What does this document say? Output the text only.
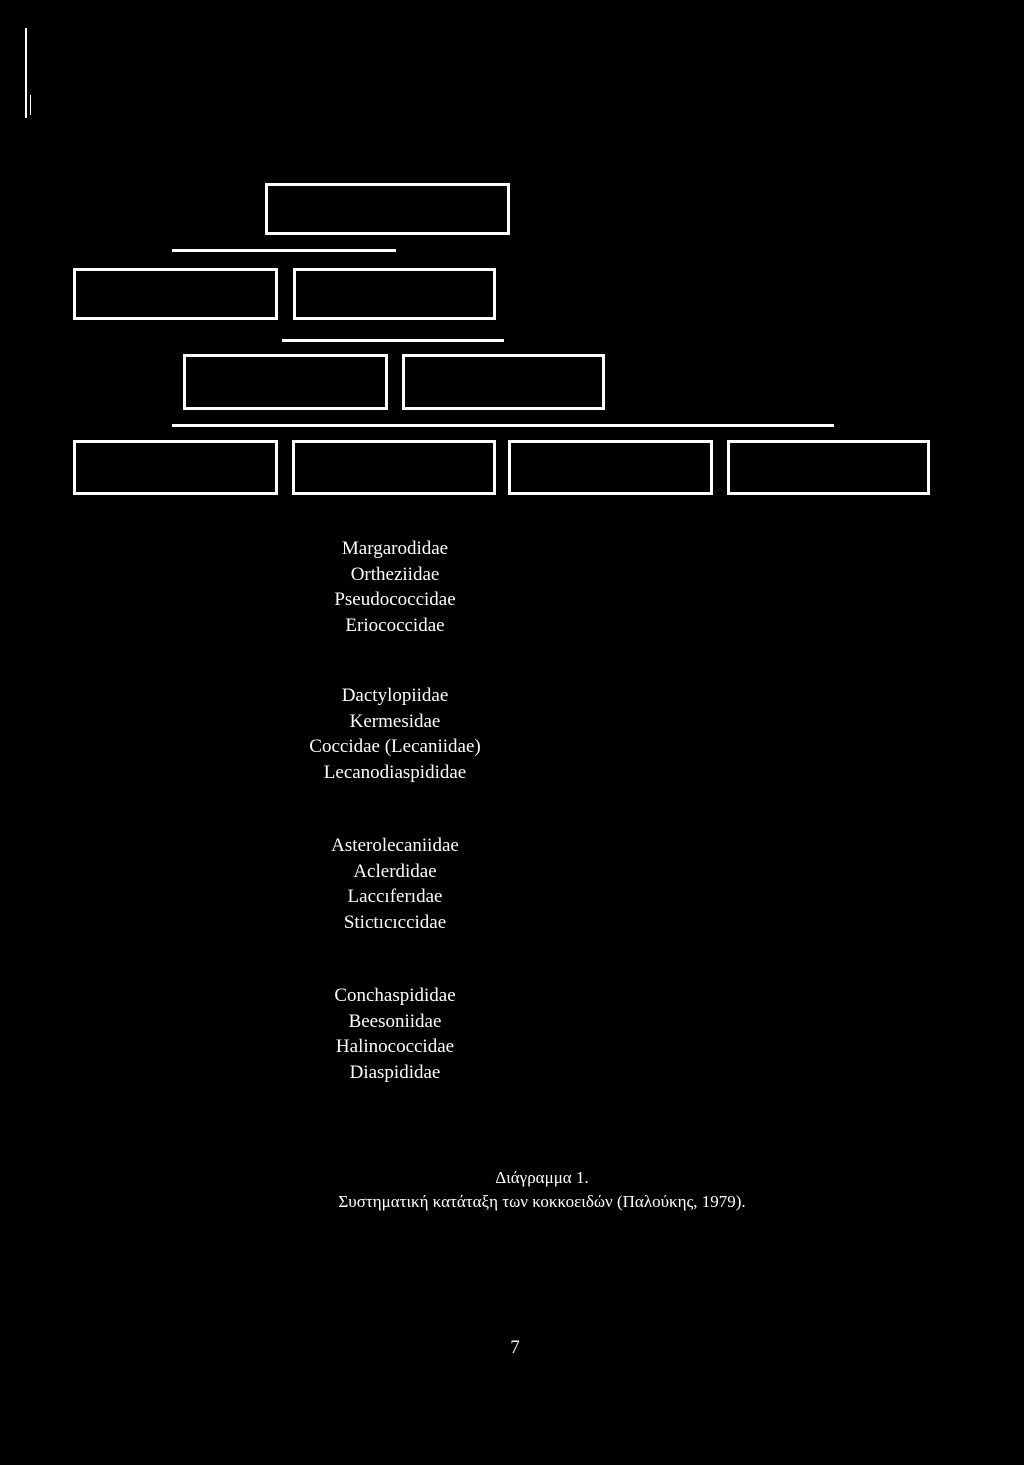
Margarodidae
Ortheziidae
Pseudococcidae
Eriococcidae
Dactylopiidae
Kermesidae
Coccidae (Lecaniidae)
Lecanodiaspididae
Asterolecaniidae
Aclerdidae
Laccıferıdae
Stictıcıccidae
Conchaspididae
Beesoniidae
Halinococcidae
Diaspididae
Διάγραμμα 1.
Συστηματική κατάταξη των κοκκοειδών (Παλούκης, 1979).
7
